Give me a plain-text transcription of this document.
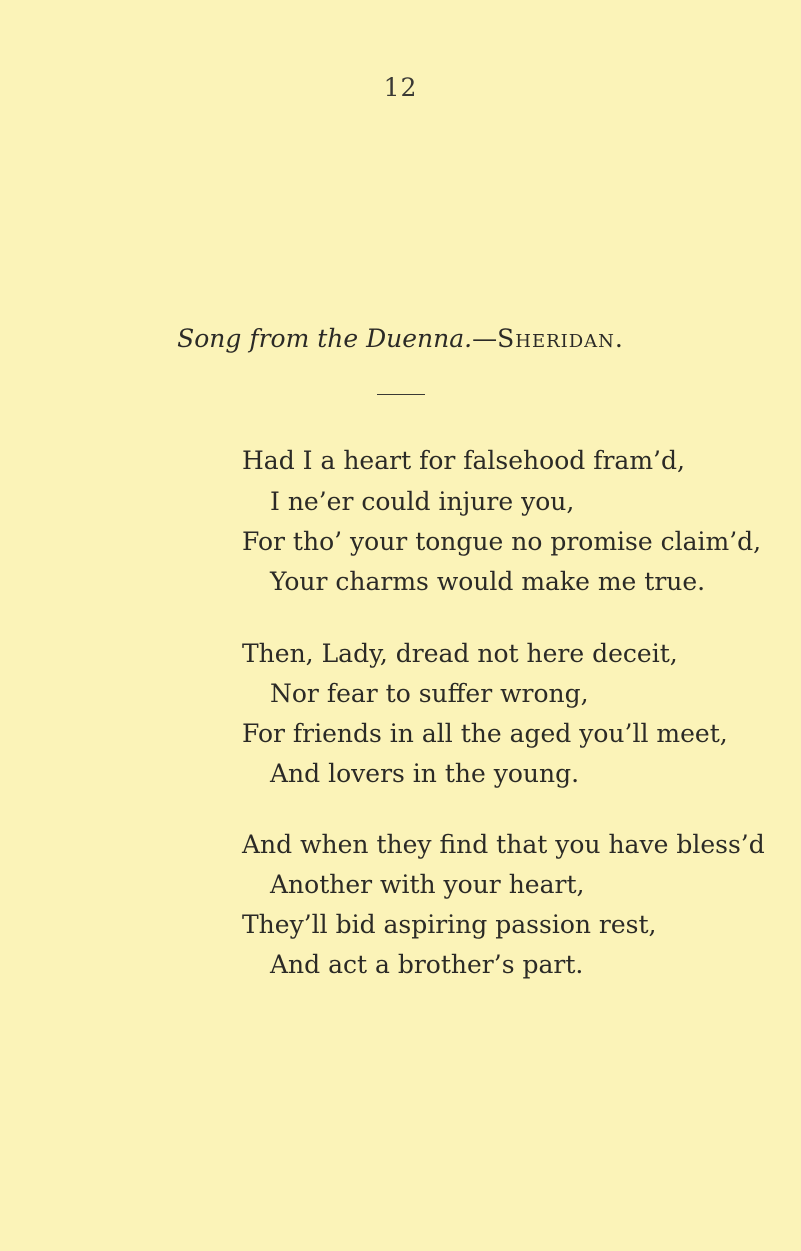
12
Song from the Duenna.—Sheridan.
Had I a heart for falsehood fram’d,
I ne’er could injure you,
For tho’ your tongue no promise claim’d,
Your charms would make me true.
Then, Lady, dread not here deceit,
Nor fear to suffer wrong,
For friends in all the aged you’ll meet,
And lovers in the young.
And when they find that you have bless’d
Another with your heart,
They’ll bid aspiring passion rest,
And act a brother’s part.
